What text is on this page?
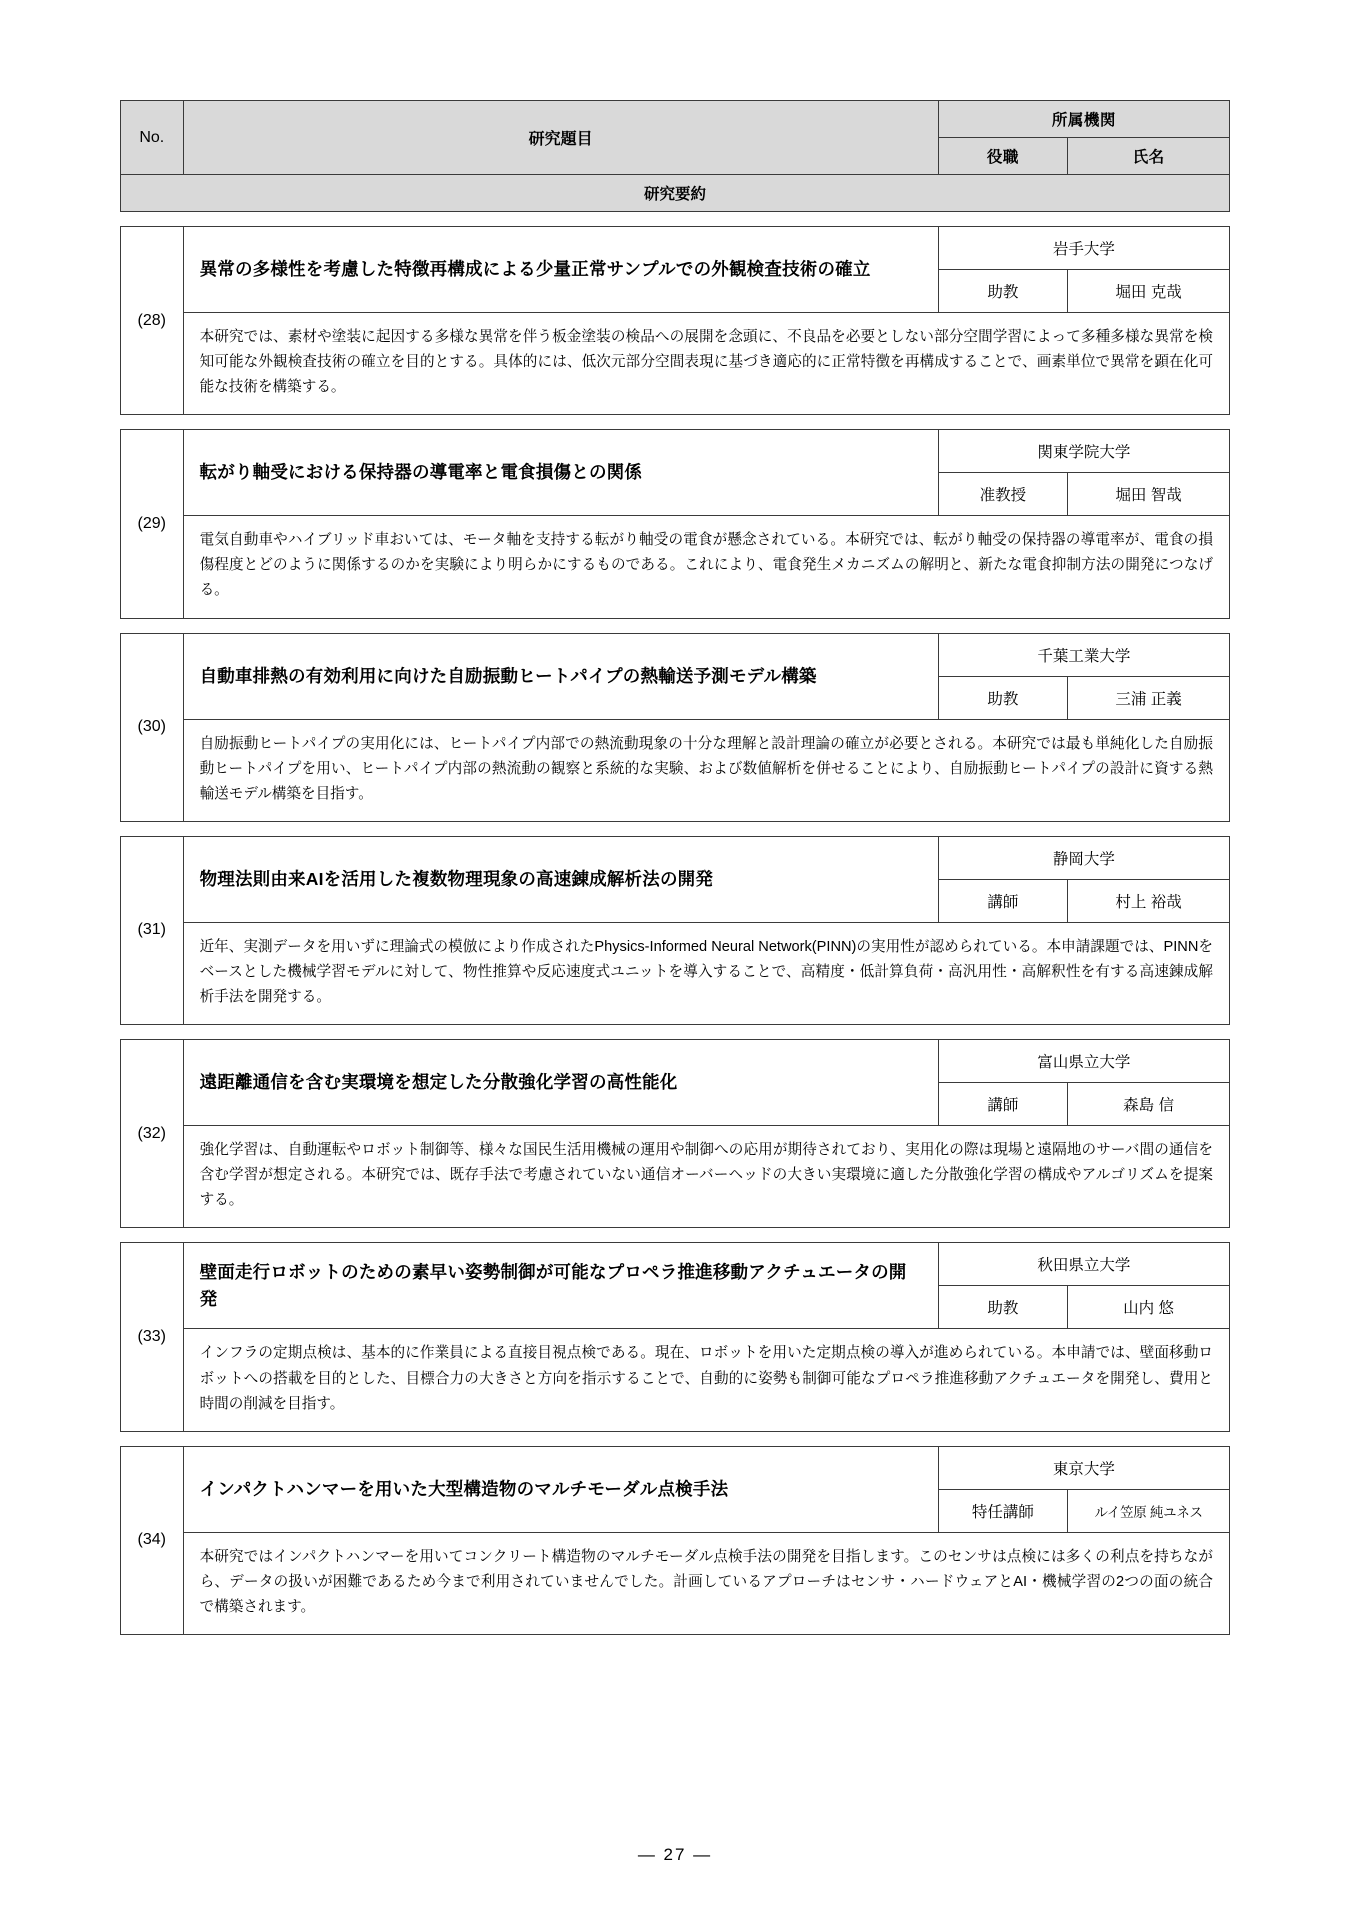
No.	研究題目	所属機関	
		役職	氏名
研究要約			
(28)	異常の多様性を考慮した特徴再構成による少量正常サンプルでの外観検査技術の確立	岩手大学	
		助教	堀田 克哉
	本研究では、素材や塗装に起因する多様な異常を伴う板金塗装の検品への展開を念頭に、不良品を必要としない部分空間学習によって多種多様な異常を検知可能な外観検査技術の確立を目的とする。具体的には、低次元部分空間表現に基づき適応的に正常特徴を再構成することで、画素単位で異常を顕在化可能な技術を構築する。		
(29)	転がり軸受における保持器の導電率と電食損傷との関係	関東学院大学	
		准教授	堀田 智哉
	電気自動車やハイブリッド車おいては、モータ軸を支持する転がり軸受の電食が懸念されている。本研究では、転がり軸受の保持器の導電率が、電食の損傷程度とどのように関係するのかを実験により明らかにするものである。これにより、電食発生メカニズムの解明と、新たな電食抑制方法の開発につなげる。		
(30)	自動車排熱の有効利用に向けた自励振動ヒートパイプの熱輸送予測モデル構築	千葉工業大学	
		助教	三浦 正義
	自励振動ヒートパイプの実用化には、ヒートパイプ内部での熱流動現象の十分な理解と設計理論の確立が必要とされる。本研究では最も単純化した自励振動ヒートパイプを用い、ヒートパイプ内部の熱流動の観察と系統的な実験、および数値解析を併せることにより、自励振動ヒートパイプの設計に資する熱輸送モデル構築を目指す。		
(31)	物理法則由来AIを活用した複数物理現象の高速錬成解析法の開発	静岡大学	
		講師	村上 裕哉
	近年、実測データを用いずに理論式の模倣により作成されたPhysics-Informed Neural Network(PINN)の実用性が認められている。本申請課題では、PINNをベースとした機械学習モデルに対して、物性推算や反応速度式ユニットを導入することで、高精度・低計算負荷・高汎用性・高解釈性を有する高速錬成解析手法を開発する。		
(32)	遠距離通信を含む実環境を想定した分散強化学習の高性能化	富山県立大学	
		講師	森島 信
	強化学習は、自動運転やロボット制御等、様々な国民生活用機械の運用や制御への応用が期待されており、実用化の際は現場と遠隔地のサーバ間の通信を含む学習が想定される。本研究では、既存手法で考慮されていない通信オーバーヘッドの大きい実環境に適した分散強化学習の構成やアルゴリズムを提案する。		
(33)	壁面走行ロボットのための素早い姿勢制御が可能なプロペラ推進移動アクチュエータの開発	秋田県立大学	
		助教	山内 悠
	インフラの定期点検は、基本的に作業員による直接目視点検である。現在、ロボットを用いた定期点検の導入が進められている。本申請では、壁面移動ロボットへの搭載を目的とした、目標合力の大きさと方向を指示することで、自動的に姿勢も制御可能なプロペラ推進移動アクチュエータを開発し、費用と時間の削減を目指す。		
(34)	インパクトハンマーを用いた大型構造物のマルチモーダル点検手法	東京大学	
		特任講師	ルイ笠原 純ユネス
	本研究ではインパクトハンマーを用いてコンクリート構造物のマルチモーダル点検手法の開発を目指します。このセンサは点検には多くの利点を持ちながら、データの扱いが困難であるため今まで利用されていませんでした。計画しているアプローチはセンサ・ハードウェアとAI・機械学習の2つの面の統合で構築されます。		
— 27 —
